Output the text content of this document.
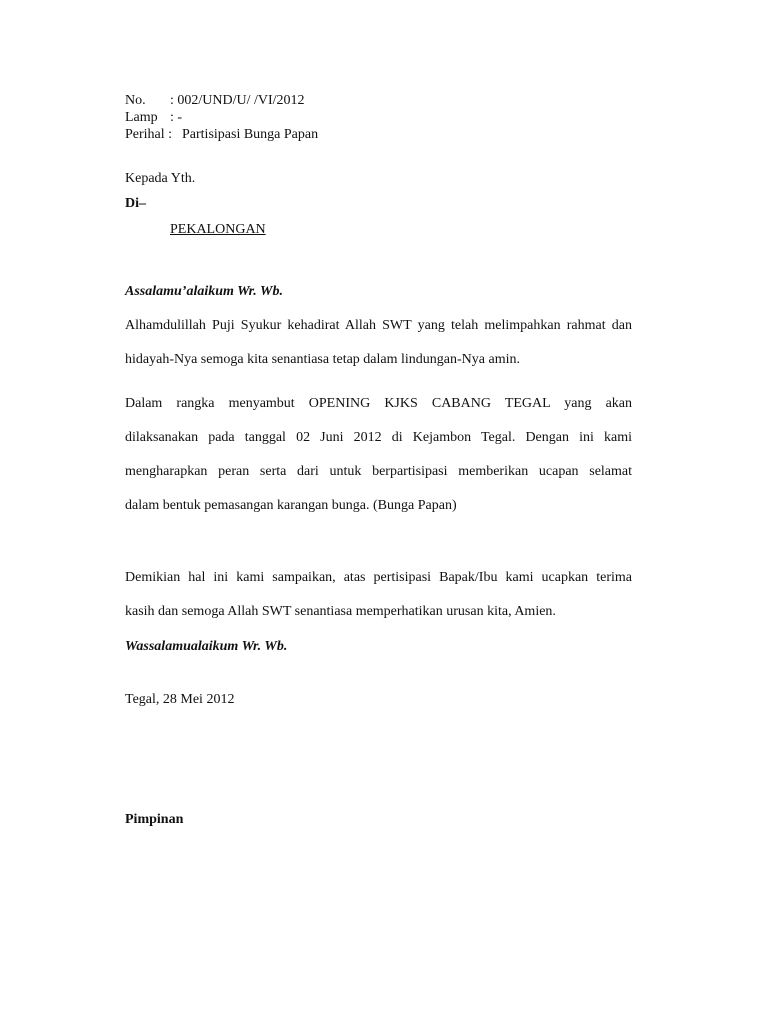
No. : 002/UND/U/ /VI/2012
Lamp : -
Perihal : Partisipasi Bunga Papan
Kepada Yth.
Di–
PEKALONGAN
Assalamu’alaikum Wr. Wb.
Alhamdulillah Puji Syukur kehadirat Allah SWT yang telah melimpahkan rahmat dan
hidayah-Nya semoga kita senantiasa tetap dalam lindungan-Nya amin.
Dalam rangka menyambut OPENING KJKS CABANG TEGAL yang akan
dilaksanakan pada tanggal 02 Juni 2012 di Kejambon Tegal. Dengan ini kami
mengharapkan peran serta dari untuk berpartisipasi memberikan ucapan selamat
dalam bentuk pemasangan karangan bunga. (Bunga Papan)
Demikian hal ini kami sampaikan, atas pertisipasi Bapak/Ibu kami ucapkan terima
kasih dan semoga Allah SWT senantiasa memperhatikan urusan kita, Amien.
Wassalamualaikum Wr. Wb.
Tegal, 28 Mei 2012
Pimpinan
